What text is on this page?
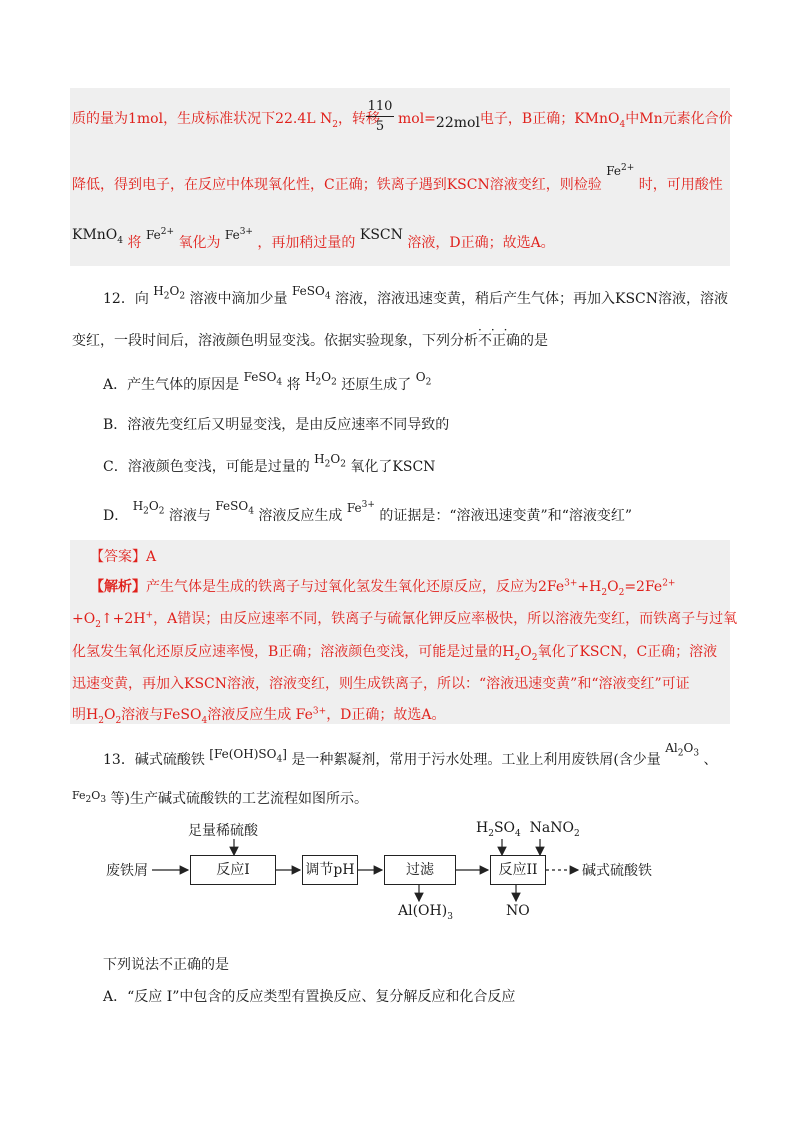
质的量为1mol，生成标准状况下22.4L $N_2$，转移
110
5 mol=22mol电子，B正确；KMnO$_4$中Mn元素化合价
降低，得到电子，在反应中体现氧化性，C正确；铁离子遇到KSCN溶液变红，则检验 $Fe^{2+}$ 时，可用酸性
KMnO$_4$ 将 $Fe^{2+}$ 氧化为 $Fe^{3+}$ ，再加稍过量的 KSCN 溶液，D正确；故选A。
12．向 $H_2O_2$ 溶液中滴加少量 FeSO$_4$ 溶液，溶液迅速变黄，稍后产生气体；再加入KSCN溶液，溶液
变红，一段时间后，溶液颜色明显变浅。依据实验现象，下列分析不正确
···
的是
A．产生气体的原因是 FeSO$_4$ 将 $H_2O_2$ 还原生成了 $O_2$
B．溶液先变红后又明显变浅，是由反应速率不同导致的
C．溶液颜色变浅，可能是过量的 $H_2O_2$ 氧化了KSCN
D． $H_2O_2$ 溶液与 FeSO$_4$ 溶液反应生成 $Fe^{3+}$ 的证据是：“溶液迅速变黄”和“溶液变红”
【答案】A
【解析】产生气体是生成的铁离子与过氧化氢发生氧化还原反应，反应为$2Fe^{3+}+H_2O_2=2Fe^{2+}$
$+O_2↑+2H^+$，A错误；由反应速率不同，铁离子与硫氰化钾反应率极快，所以溶液先变红，而铁离子与过氧
化氢发生氧化还原反应速率慢，B正确；溶液颜色变浅，可能是过量的$H_2O_2$氧化了KSCN，C正确；溶液
迅速变黄，再加入KSCN溶液，溶液变红，则生成铁离子，所以：“溶液迅速变黄”和“溶液变红”可证
明$H_2O_2$溶液与FeSO$_4$溶液反应生成 $Fe^{3+}$，D正确；故选A。
13．碱式硫酸铁 $[Fe(OH)SO_4]$ 是一种絮凝剂，常用于污水处理。工业上利用废铁屑(含少量 $Al_2O_3$ 、
$^{Fe_2O_3}$ 等)生产碱式硫酸铁的工艺流程如图所示。
废铁屑
足量稀硫酸
反应I	调节pH	过滤
$Al(OH)_3$
$H_2SO_4$ NaNO$_2$
反应II
NO
碱式硫酸铁
下列说法不正确的是
A．“反应 I”中包含的反应类型有置换反应、复分解反应和化合反应
